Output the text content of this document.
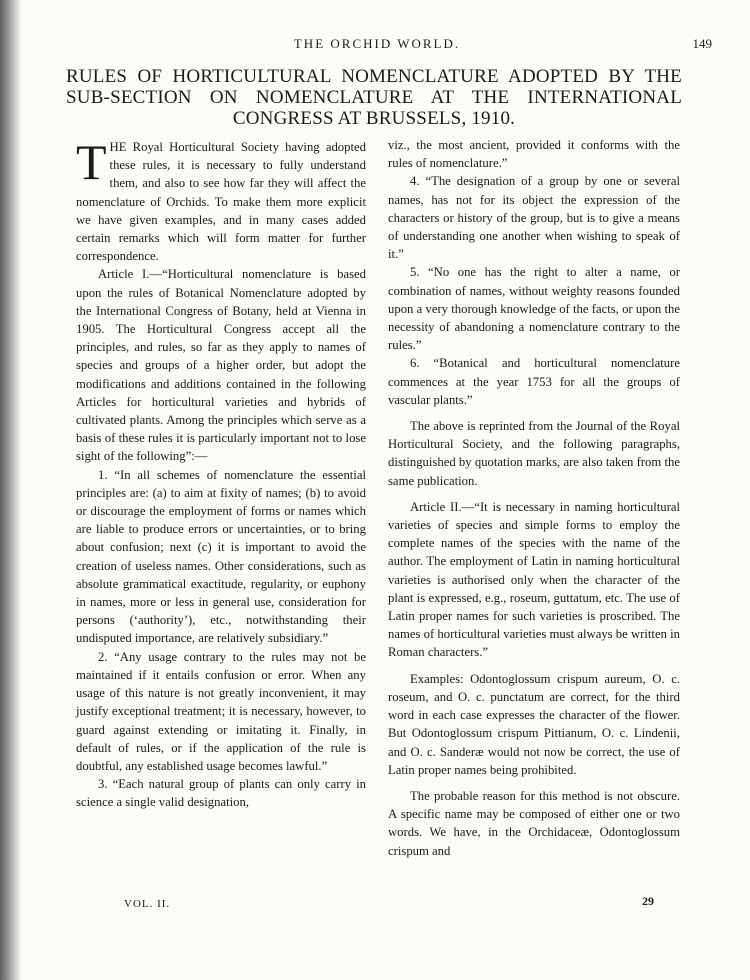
THE ORCHID WORLD.	149
RULES OF HORTICULTURAL NOMENCLATURE ADOPTED BY THE SUB-SECTION ON NOMENCLATURE AT THE INTERNATIONAL CONGRESS AT BRUSSELS, 1910.

THE Royal Horticultural Society having adopted these rules, it is necessary to fully understand them, and also to see how far they will affect the nomenclature of Orchids. To make them more explicit we have given examples, and in many cases added certain remarks which will form matter for further correspondence.

Article I.—“Horticultural nomenclature is based upon the rules of Botanical Nomenclature adopted by the International Congress of Botany, held at Vienna in 1905. The Horticultural Congress accept all the principles, and rules, so far as they apply to names of species and groups of a higher order, but adopt the modifications and additions contained in the following Articles for horticultural varieties and hybrids of cultivated plants. Among the principles which serve as a basis of these rules it is particularly important not to lose sight of the following”:—

1. “In all schemes of nomenclature the essential principles are: (a) to aim at fixity of names; (b) to avoid or discourage the employment of forms or names which are liable to produce errors or uncertainties, or to bring about confusion; next (c) it is important to avoid the creation of useless names. Other considerations, such as absolute grammatical exactitude, regularity, or euphony in names, more or less in general use, consideration for persons (‘authority’), etc., notwithstanding their undisputed importance, are relatively subsidiary.”

2. “Any usage contrary to the rules may not be maintained if it entails confusion or error. When any usage of this nature is not greatly inconvenient, it may justify exceptional treatment; it is necessary, however, to guard against extending or imitating it. Finally, in default of rules, or if the application of the rule is doubtful, any established usage becomes lawful.”

3. “Each natural group of plants can only carry in science a single valid designation,

viz., the most ancient, provided it conforms with the rules of nomenclature.”

4. “The designation of a group by one or several names, has not for its object the expression of the characters or history of the group, but is to give a means of understanding one another when wishing to speak of it.”

5. “No one has the right to alter a name, or combination of names, without weighty reasons founded upon a very thorough knowledge of the facts, or upon the necessity of abandoning a nomenclature contrary to the rules.”

6. “Botanical and horticultural nomenclature commences at the year 1753 for all the groups of vascular plants.”

The above is reprinted from the Journal of the Royal Horticultural Society, and the following paragraphs, distinguished by quotation marks, are also taken from the same publication.

Article II.—“It is necessary in naming horticultural varieties of species and simple forms to employ the complete names of the species with the name of the author. The employment of Latin in naming horticultural varieties is authorised only when the character of the plant is expressed, e.g., roseum, guttatum, etc. The use of Latin proper names for such varieties is proscribed. The names of horticultural varieties must always be written in Roman characters.”

Examples: Odontoglossum crispum aureum, O. c. roseum, and O. c. punctatum are correct, for the third word in each case expresses the character of the flower. But Odontoglossum crispum Pittianum, O. c. Lindenii, and O. c. Sanderæ would not now be correct, the use of Latin proper names being prohibited.

The probable reason for this method is not obscure. A specific name may be composed of either one or two words. We have, in the Orchidaceæ, Odontoglossum crispum and

VOL. II.	29
